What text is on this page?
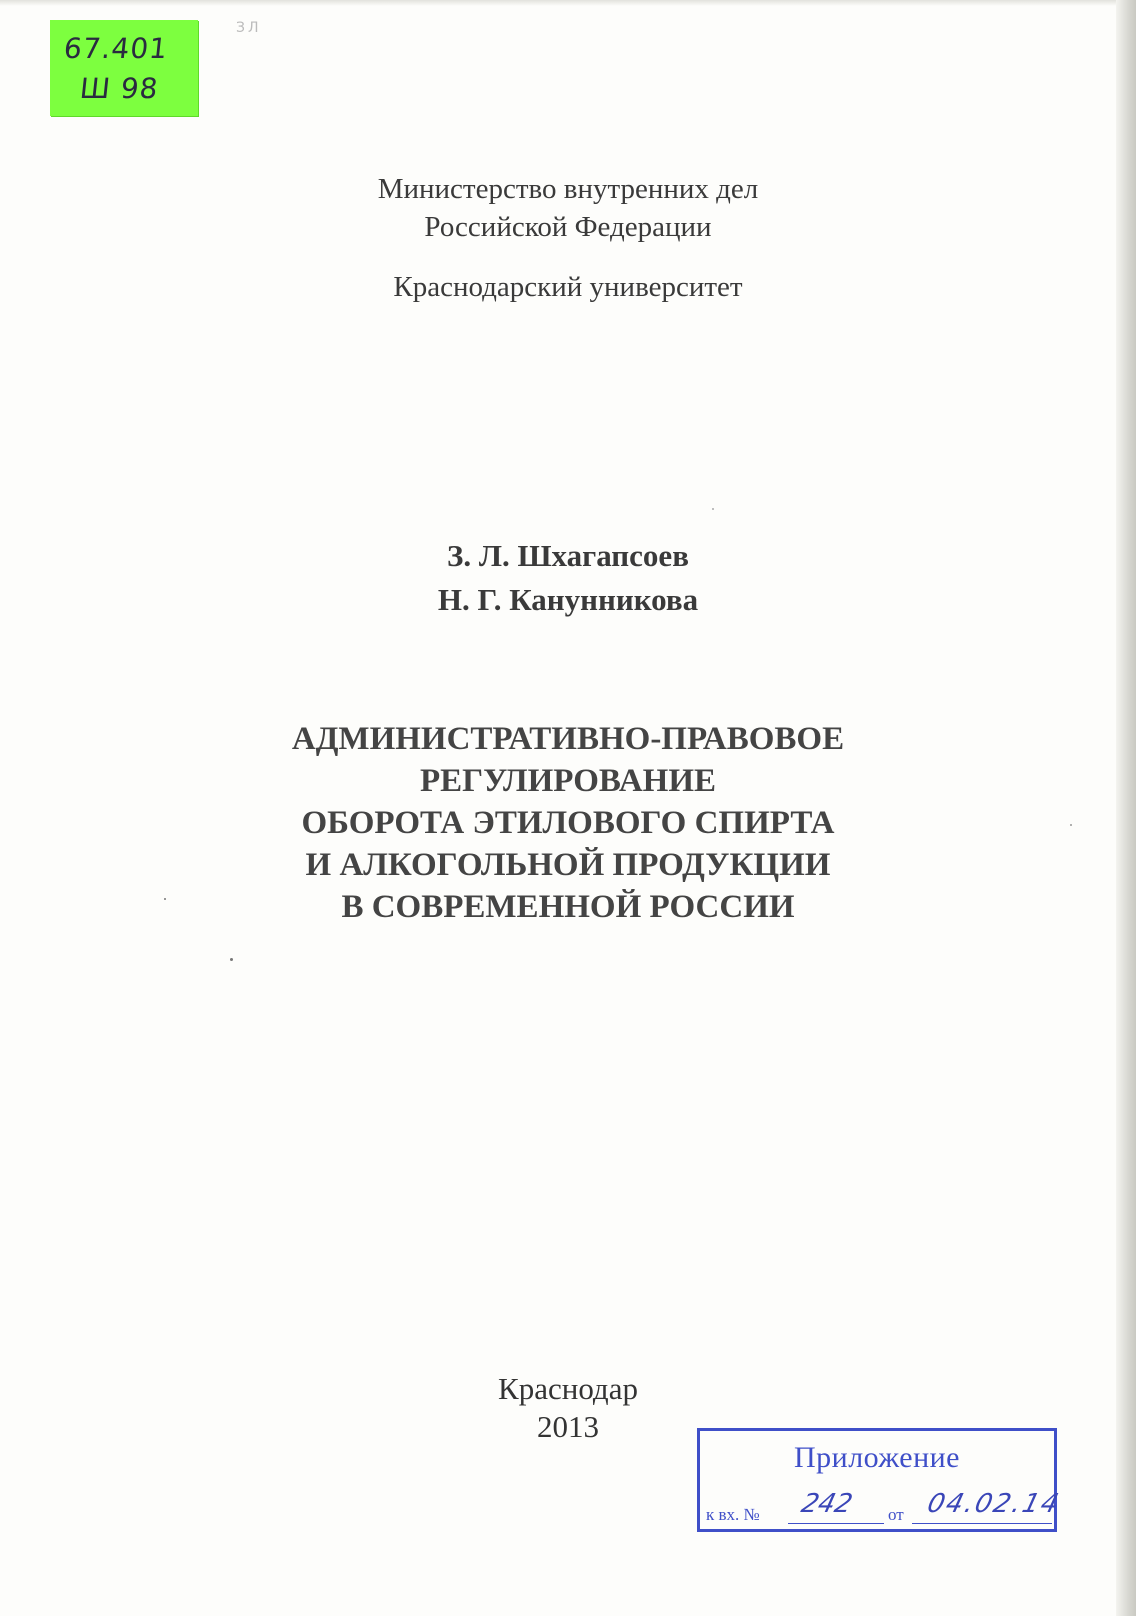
67.401
Ш 98
ЗЛ
Министерство внутренних дел
Российской Федерации
Краснодарский университет
З. Л. Шхагапсоев
Н. Г. Канунникова
АДМИНИСТРАТИВНО-ПРАВОВОЕ
РЕГУЛИРОВАНИЕ
ОБОРОТА ЭТИЛОВОГО СПИРТА
И АЛКОГОЛЬНОЙ ПРОДУКЦИИ
В СОВРЕМЕННОЙ РОССИИ
Краснодар
2013
Приложение
к вх. № 242 от 04.02.14
